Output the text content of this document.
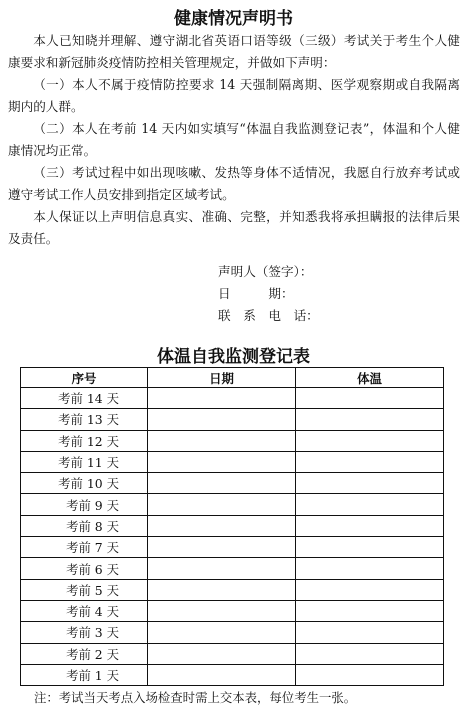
健康情况声明书

本人已知晓并理解、遵守湖北省英语口语等级（三级）考试关于考生个人健康要求和新冠肺炎疫情防控相关管理规定，并做如下声明：

（一）本人不属于疫情防控要求 14 天强制隔离期、医学观察期或自我隔离期内的人群。

（二）本人在考前 14 天内如实填写“体温自我监测登记表”，体温和个人健康情况均正常。

（三）考试过程中如出现咳嗽、发热等身体不适情况，我愿自行放弃考试或遵守考试工作人员安排到指定区域考试。

本人保证以上声明信息真实、准确、完整，并知悉我将承担瞒报的法律后果及责任。

声明人（签字）：
日　　　期：
联　系　电　话：
体温自我监测登记表
序号	日期	体温
考前 14 天		
考前 13 天		
考前 12 天		
考前 11 天		
考前 10 天		
考前 9 天		
考前 8 天		
考前 7 天		
考前 6 天		
考前 5 天		
考前 4 天		
考前 3 天		
考前 2 天		
考前 1 天		
注：考试当天考点入场检查时需上交本表，每位考生一张。
